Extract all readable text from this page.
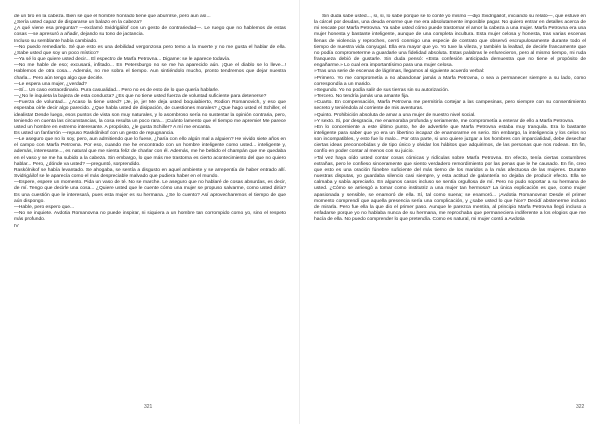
de un tiro en la cabeza. Bien sé que el hombre honrado tiene que aburrirse, pero aun así...

¿Sería usted capaz de dispararse un balazo en la cabeza?

¿A qué viene esa pregunta? —exclamó Svidrigáilof con un gesto de contrariedad—. Le ruego que no hablemos de estas cosas —se apresuró a añadir, dejando su tono de jactancia.

Incluso su semblante había cambiado.

—No puedo remediarlo. Sé que esto es una debilidad vergonzosa pero temo a la muerte y no me gusta el hablar de ella. ¿Sabe usted que soy un poco místico?

—Ya sé lo que quiere usted decir... El espectro de Marfa Petrovna... Digame: se le aparece todavía.

—No me hable de eso; excusará, infitado... En Petersburgo no se me ha aparecido aún. ¡Que el diablo se lo lleve...! Hablemos de otra cosa... Además, no me sobra el tiempo. Aun sintiéndolo mucho, pronto tendremos que dejar nuestra charla... Pero aún tengo algo que decirle.

—Le espera una mujer, ¿verdad?

—Sí... Un caso extraordinario. Pura casualidad... Pero no es de esto de lo que quería hablarle.

—¿No le inquieta la bajeza de esta conducta? ¿Es que no tiene usted fuerza de voluntad suficiente para detenerse?

—Fuerza de voluntad... ¿Acaso la tiene usted? ¡Je, je, je! Me deja usted boquiabierto, Rodion Romanovich, y eso que esperaba oírle decir algo parecido. ¿Que habla usted de disipación, de cuestiones morales? ¿Que hago usted el Schiller, el idealista! Desde luego, esos puntos de vista son muy naturales, y lo asombroso sería no sustentar la opinión contraria, pero, teniendo en cuenta las circunstancias, la cosa resulta un poco rara... ¡Cuánto lamento que el tiempo me apremie! Me parece usted un hombre en extremo interesante. A propósito, ¿le gusta Schiller? A mí me encanta.

Es usted un fanfarrón —repuso Raskólnikof con un gesto de repugnancia.

—Le aseguro que no lo soy, pero, aun admitiendo que lo fuese, ¿haría con ello algún mal a alguien? He vivido siete años en el campo con Marfa Petrovna. Por eso, cuando me he encontrado con un hombre inteligente como usted... inteligente y, además, interesante..., es natural que me sienta feliz de charlar con él. Además, me he bebido el champán que me quedaba en el vaso y se me ha subido a la cabeza. Sin embargo, lo que más me trastorna es cierto acontecimiento del que no quiero hablar... Pero, ¿dónde va usted? —preguntó, sorprendido.

Raskólnikof se había levantado. Se ahogaba, se sentía a disgusto en aquel ambiente y se arrepentía de haber entrado allí. Svidrigáilof se le aparecía como el más despreciable malvado que pudiera haber en el mundo.

—Espere, espere un momento. Pida un vaso de té. No se marche. Le aseguro que no hablaré de cosas absurdas, es decir, de mí. Tengo que decirle una cosa... ¿Quiere usted que le cuente cómo una mujer se propuso salvarme, como usted diría? Es una cuestión que le interesará, pues esta mujer es su hermana. ¿Se lo cuento? Así aprovecharemos el tiempo de que aún dispongo.

—Hable, pero espero que...

—No se inquiete. Avdotia Romanovna no puede inspirar, ni siquiera a un hombre tan corrompido como yo, sino el respeto más profundo.

IV

321

Sin duda sabe usted..., sí, sí, lo sabe porque se lo conté yo mismo —dijo Svidrigáilof, iniciando su relato—, que estuve en la cárcel por deudas, una deuda enorme que me era absolutamente imposible pagar. No quiero entrar en detalles acerca de mi rescate por Marfa Petrovna. Ya sabe usted cómo puede trastornar el amor la cabeza a una mujer. Marfa Petrovna era una mujer honesta y bastante inteligente, aunque de una completa incultura. Esta mujer celosa y honesta, tras varias escenas llenas de violencia y reproches, cerró conmigo una especie de contrato que observó escrupulosamente durante todo el tiempo de nuestra vida conyugal. Ella era mayor que yo. Yo tuve la vileza, y también la lealtad, de decirle francamente que no podía comprometerme a guardarle una fidelidad absoluta. Estas palabras le enfurecieron, pero al mismo tiempo, mi ruda franqueza debió de gustarle. Sin duda pensó: «Esta confesión anticipada demuestra que no tiene el propósito de engañarme.» Lo cual era importantísimo para una mujer celosa.

»Tras una serie de escenas de lágrimas, llegamos al siguiente acuerdo verbal:

»Primero. Yo me comprometía a no abandonar jamás a Marfa Petrovna, o sea a permanecer siempre a su lado, como correspondía a un marido.

»Segundo. Yo no podía salir de sus tierras sin su autorización.

»Tercero. No tendría jamás una amante fija.

»Cuarto. En compensación, Marfa Petrovna me permitiría cortejar a las campesinas, pero siempre con su consentimiento secreto y teniéndola al corriente de mis aventuras.

»Quinto. Prohibición absoluta de amar a una mujer de nuestro nivel social.

»Y sexto. Si, por desgracia, me enamoraba profunda y seriamente, me comprometía a enterar de ello a Marfa Petrovna.

»En lo concerniente a este último punto, he de advertirle que Marfa Petrovna estaba muy tranquila. Era lo bastante inteligente para saber que yo era un libertino incapaz de enamorarme en serio. Sin embargo, la inteligencia y los celos no son incompatibles, y esto fue lo malo... Por otra parte, si uno quiere juzgar a los hombres con imparcialidad, debe desechar ciertas ideas preconcebidas y de tipo único y olvidar los hábitos que adquirimos, de las personas que nos rodean. En fin, confío en poder contar al menos con su juicio.

»Tal vez haya oído usted contar cosas cómicas y ridículas sobre Marfa Petrovna. En efecto, tenía ciertas costumbres extrañas, pero le confieso sinceramente que siento verdadero remordimiento por las penas que le he causado. En fin, creo que esto es una oración fúnebre suficiente del más tierno de los maridos a la más afectuosa de las mujeres. Durante nuestras disputas, yo guardaba silencio casi siempre, y esta actitud de galantería no dejaba de producir efecto. Ella se calmaba y sabía apreciarlo. En algunos casos incluso se sentía orgullosa de mí. Pero no pudo soportar a su hermana de usted. ¿Cómo se arriesgó a tomar como institutriz a una mujer tan hermosa? La única explicación es que, como mujer apasionada y sensible, se enamoró de ella. Sí, tal como suena; se enamoró... ¡Avdotia Romanovna! Desde el primer momento comprendí que aquella presencia sería una complicación, y ¿sabe usted lo que hice? Decidí abstenerme incluso de mirarla. Pero fue ella la que dio el primer paso. Aunque le parezca mentira, al principio Marfa Petrovna llegó incluso a enfadarse porque yo no hablaba nunca de su hermana, me reprochaba que permaneciera indiferente a los elogios que me hacía de ella. No puedo comprender lo que pretendía. Como es natural, mi mujer contó a Avdotia

322
